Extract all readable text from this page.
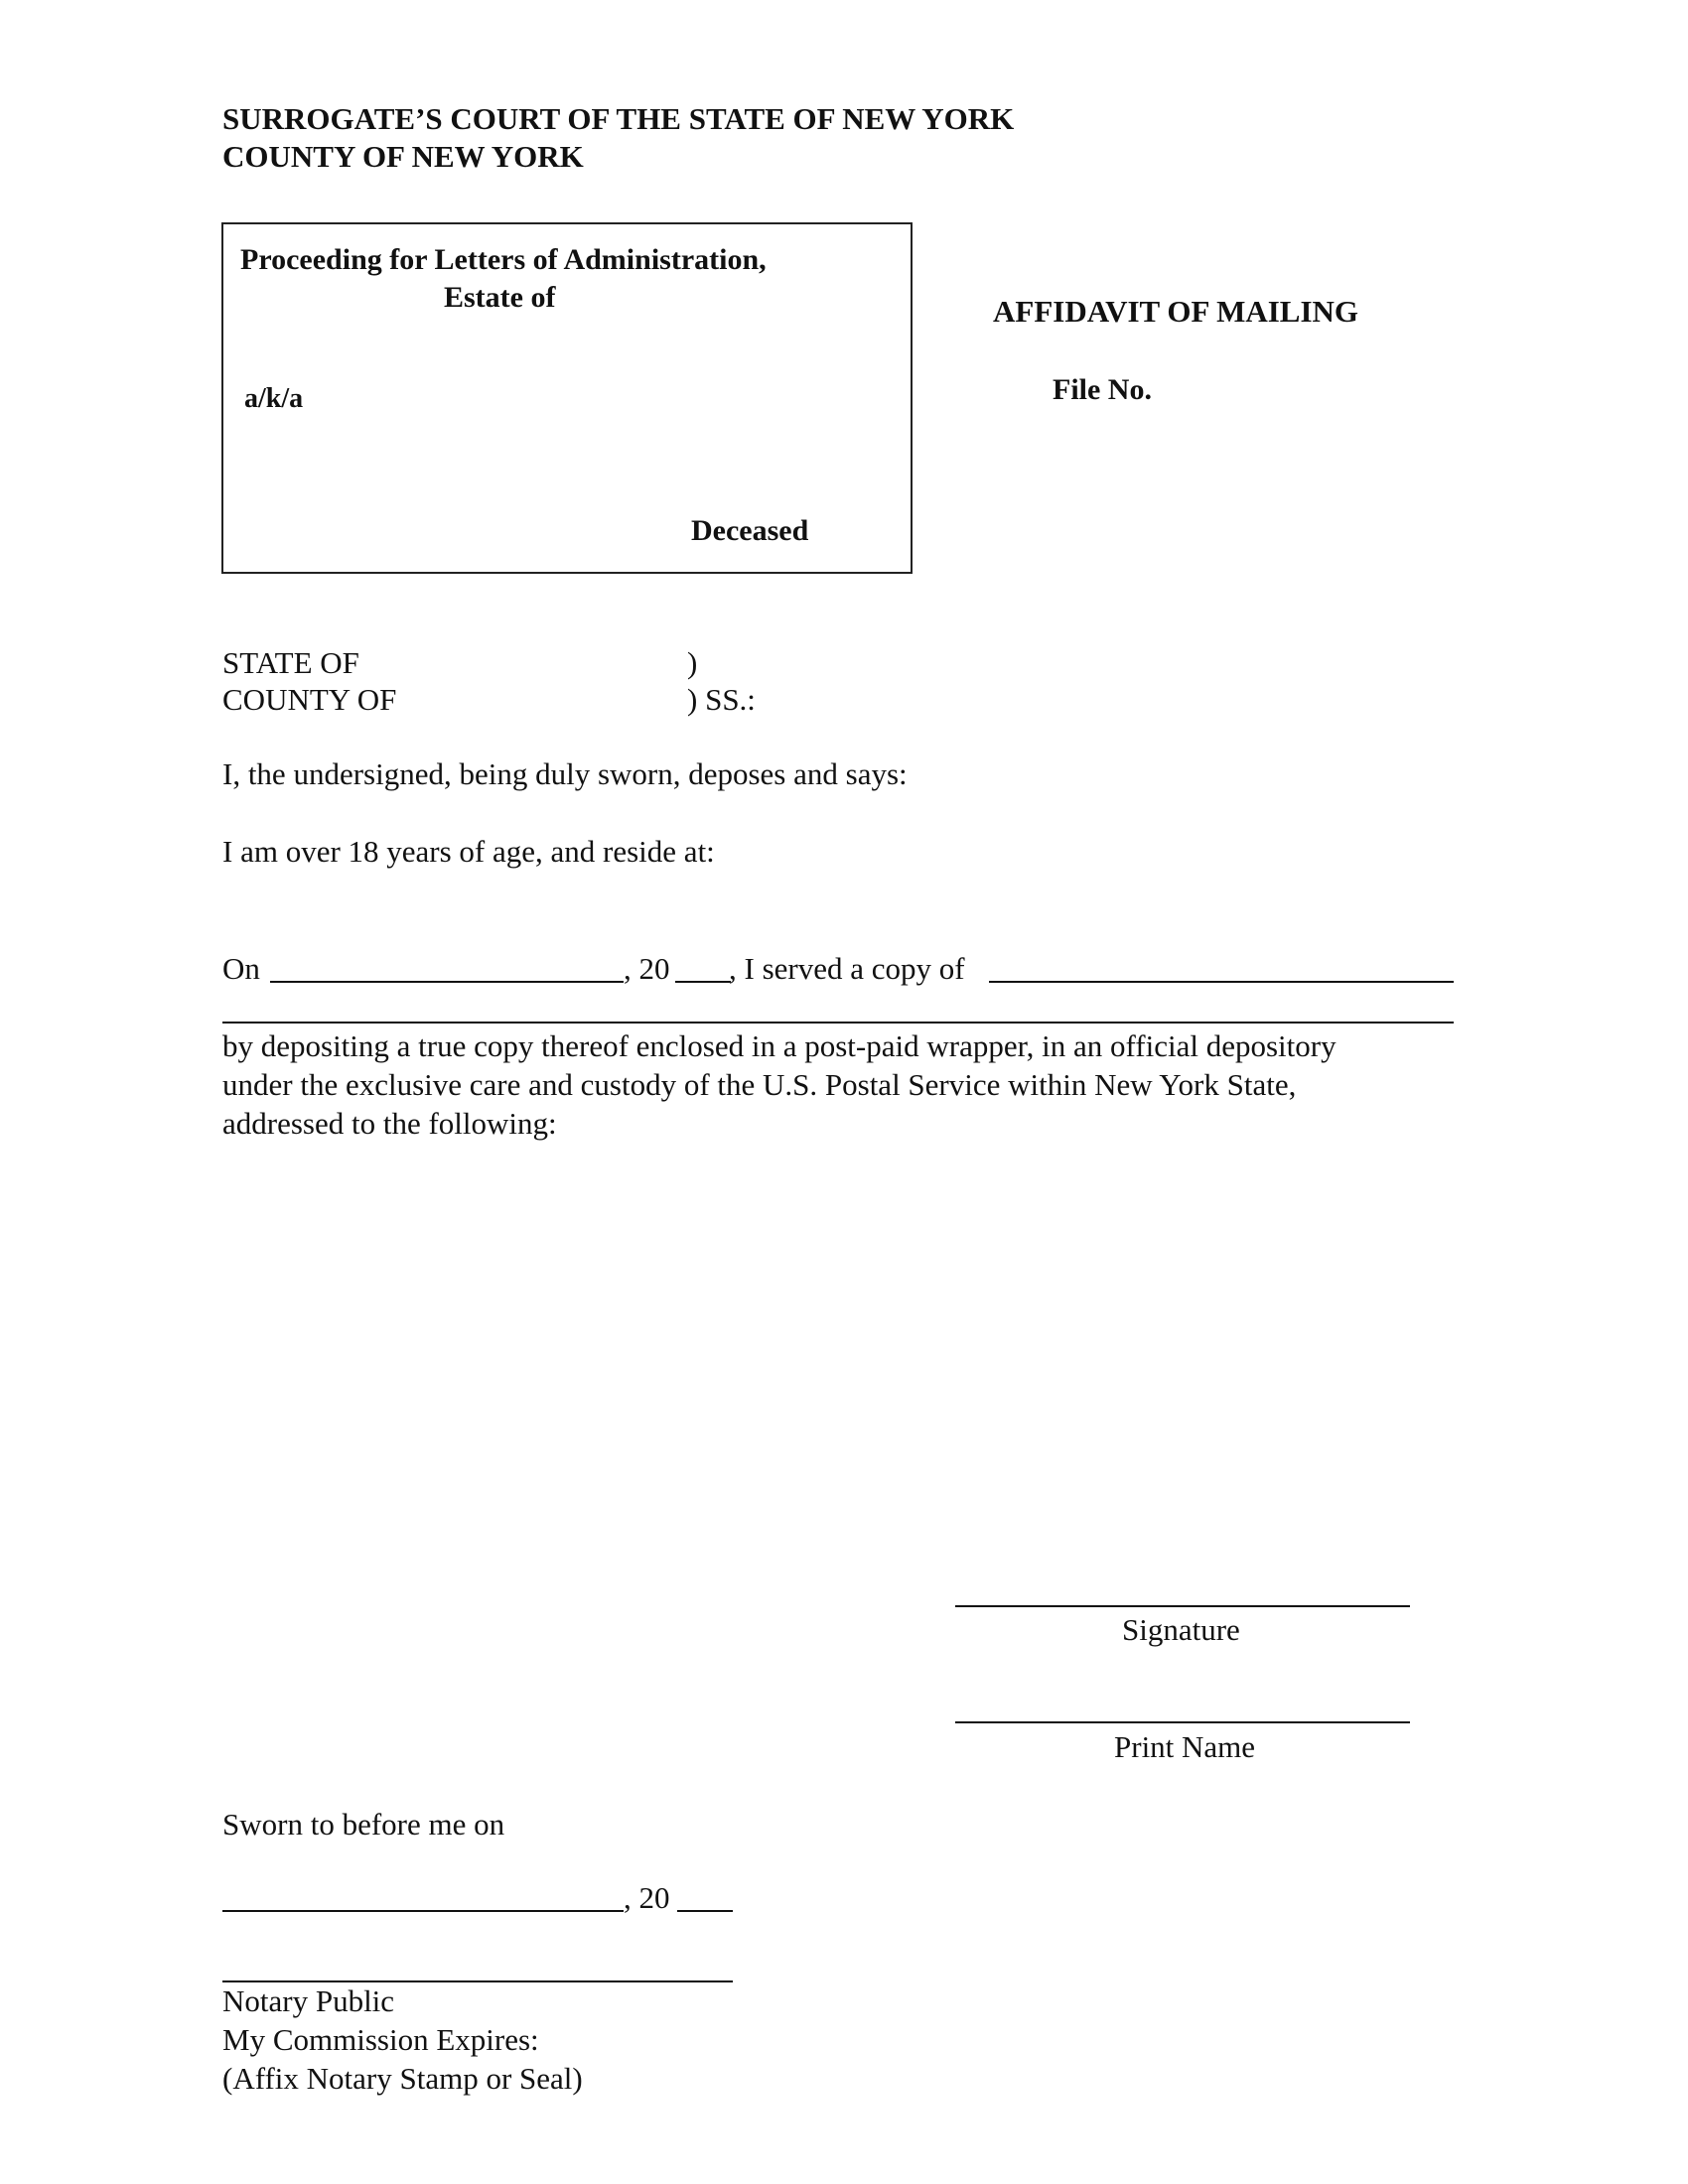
SURROGATE’S COURT OF THE STATE OF NEW YORK
COUNTY OF NEW YORK
Proceeding for Letters of Administration,
Estate of
a/k/a
Deceased
AFFIDAVIT OF MAILING
File No.
STATE OF
COUNTY OF
)
) SS.:
I, the undersigned, being duly sworn, deposes and says:
I am over 18 years of age, and reside at:
On	, 20 , I served a copy of
by depositing a true copy thereof enclosed in a post-paid wrapper, in an official depository
under the exclusive care and custody of the U.S. Postal Service within New York State,
addressed to the following:
Signature
Print Name
Sworn to before me on
, 20
Notary Public
My Commission Expires:
(Affix Notary Stamp or Seal)
